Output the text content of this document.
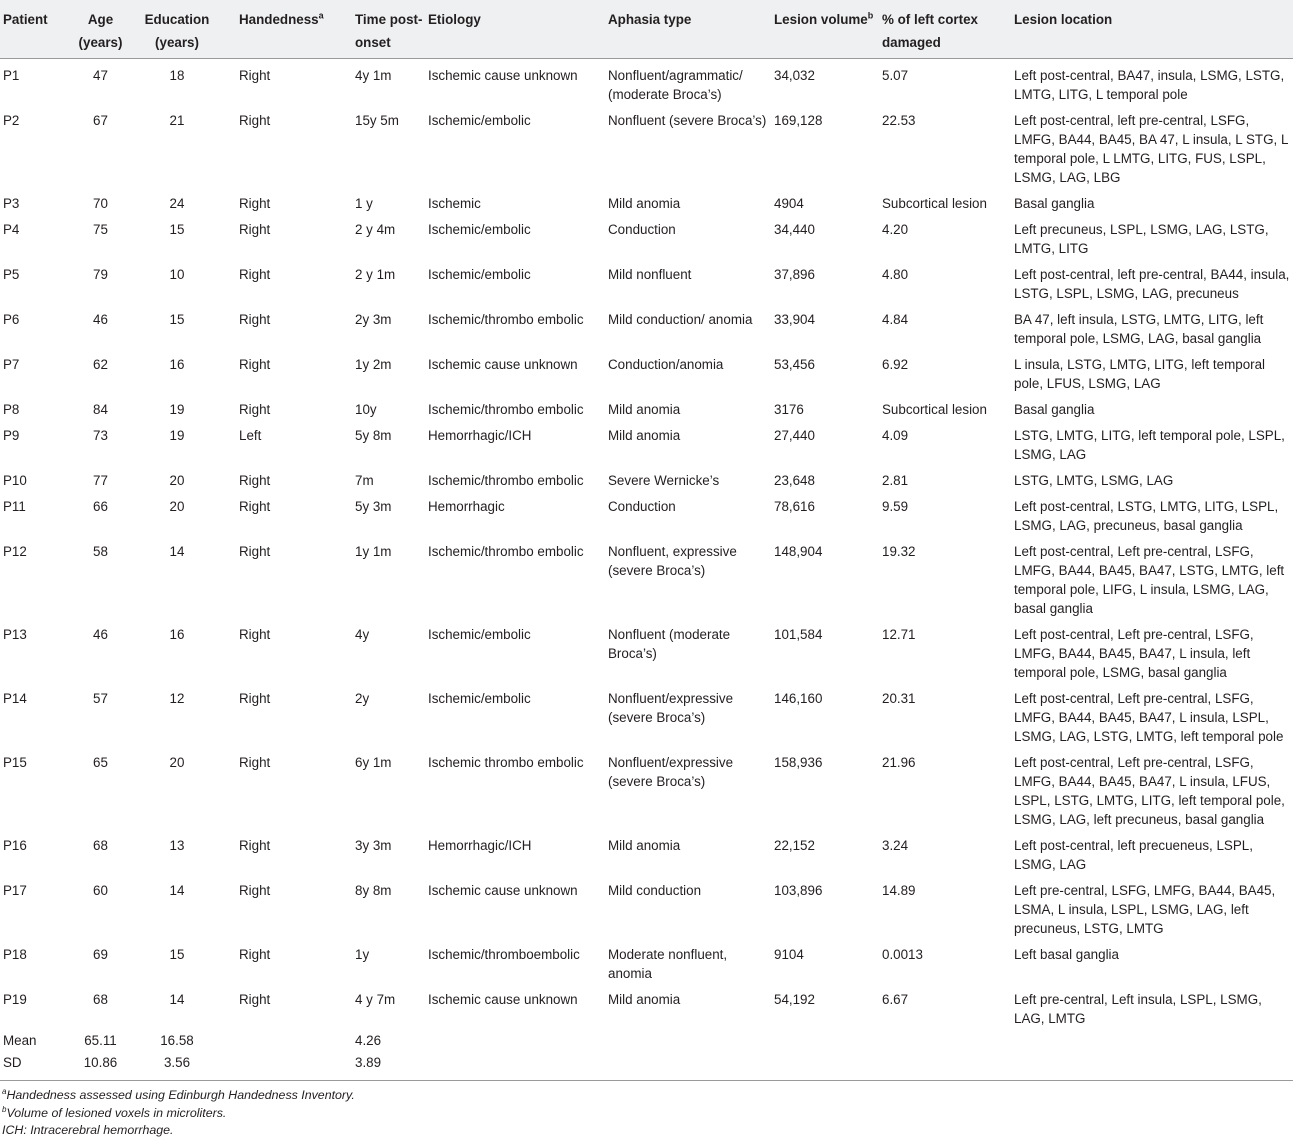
	Patient	Age (years)	Education (years)	Handedness$^a$	Time post-onset	Etiology	Aphasia type	Lesion volume$^b$	% of left cortex damaged	Lesion location
	P1	47	18	Right	4y 1m	Ischemic cause unknown	Nonfluent/agrammatic/ (moderate Broca’s)	34,032	5.07	Left post-central, BA47, insula, LSMG, LSTG, LMTG, LITG, L temporal pole
	P2	67	21	Right	15y 5m	Ischemic/embolic	Nonfluent (severe Broca’s)	169,128	22.53	Left post-central, left pre-central, LSFG, LMFG, BA44, BA45, BA 47, L insula, L STG, L temporal pole, L LMTG, LITG, FUS, LSPL, LSMG, LAG, LBG
	P3	70	24	Right	1 y	Ischemic	Mild anomia	4904	Subcortical lesion	Basal ganglia
	P4	75	15	Right	2 y 4m	Ischemic/embolic	Conduction	34,440	4.20	Left precuneus, LSPL, LSMG, LAG, LSTG, LMTG, LITG
	P5	79	10	Right	2 y 1m	Ischemic/embolic	Mild nonfluent	37,896	4.80	Left post-central, left pre-central, BA44, insula, LSTG, LSPL, LSMG, LAG, precuneus
	P6	46	15	Right	2y 3m	Ischemic/thrombo embolic	Mild conduction/ anomia	33,904	4.84	BA 47, left insula, LSTG, LMTG, LITG, left temporal pole, LSMG, LAG, basal ganglia
	P7	62	16	Right	1y 2m	Ischemic cause unknown	Conduction/anomia	53,456	6.92	L insula, LSTG, LMTG, LITG, left temporal pole, LFUS, LSMG, LAG
	P8	84	19	Right	10y	Ischemic/thrombo embolic	Mild anomia	3176	Subcortical lesion	Basal ganglia
	P9	73	19	Left	5y 8m	Hemorrhagic/ICH	Mild anomia	27,440	4.09	LSTG, LMTG, LITG, left temporal pole, LSPL, LSMG, LAG
	P10	77	20	Right	7m	Ischemic/thrombo embolic	Severe Wernicke’s	23,648	2.81	LSTG, LMTG, LSMG, LAG
	P11	66	20	Right	5y 3m	Hemorrhagic	Conduction	78,616	9.59	Left post-central, LSTG, LMTG, LITG, LSPL, LSMG, LAG, precuneus, basal ganglia
	P12	58	14	Right	1y 1m	Ischemic/thrombo embolic	Nonfluent, expressive (severe Broca’s)	148,904	19.32	Left post-central, Left pre-central, LSFG, LMFG, BA44, BA45, BA47, LSTG, LMTG, left temporal pole, LIFG, L insula, LSMG, LAG, basal ganglia
	P13	46	16	Right	4y	Ischemic/embolic	Nonfluent (moderate Broca’s)	101,584	12.71	Left post-central, Left pre-central, LSFG, LMFG, BA44, BA45, BA47, L insula, left temporal pole, LSMG, basal ganglia
	P14	57	12	Right	2y	Ischemic/embolic	Nonfluent/expressive (severe Broca’s)	146,160	20.31	Left post-central, Left pre-central, LSFG, LMFG, BA44, BA45, BA47, L insula, LSPL, LSMG, LAG, LSTG, LMTG, left temporal pole
	P15	65	20	Right	6y 1m	Ischemic thrombo embolic	Nonfluent/expressive (severe Broca’s)	158,936	21.96	Left post-central, Left pre-central, LSFG, LMFG, BA44, BA45, BA47, L insula, LFUS, LSPL, LSTG, LMTG, LITG, left temporal pole, LSMG, LAG, left precuneus, basal ganglia
	P16	68	13	Right	3y 3m	Hemorrhagic/ICH	Mild anomia	22,152	3.24	Left post-central, left precueneus, LSPL, LSMG, LAG
	P17	60	14	Right	8y 8m	Ischemic cause unknown	Mild conduction	103,896	14.89	Left pre-central, LSFG, LMFG, BA44, BA45, LSMA, L insula, LSPL, LSMG, LAG, left precuneus, LSTG, LMTG
	P18	69	15	Right	1y	Ischemic/thromboembolic	Moderate nonfluent, anomia	9104	0.0013	Left basal ganglia
	P19	68	14	Right	4 y 7m	Ischemic cause unknown	Mild anomia	54,192	6.67	Left pre-central, Left insula, LSPL, LSMG, LAG, LMTG
	Mean	65.11	16.58		4.26					
	SD	10.86	3.56		3.89					
$^a$Handedness assessed using Edinburgh Handedness Inventory.
$^b$Volume of lesioned voxels in microliters.
ICH: Intracerebral hemorrhage.
